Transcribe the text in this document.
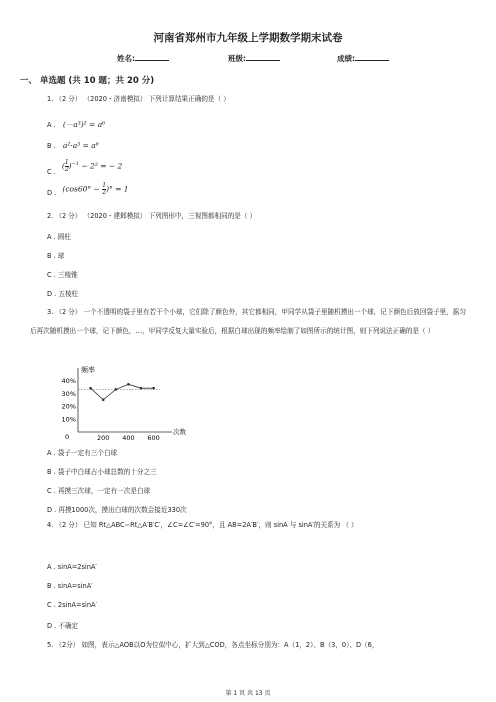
河南省郑州市九年级上学期数学期末试卷
姓名:	班级:	成绩:
一、 单选题 (共 10 题；共 20 分)
1. （2 分） （2020・济南模拟） 下列计算结果正确的是（ ）
A . (－a³)² = a⁶
B . a²·a³ = a⁶
C . $(\frac{1}{2})^{-1} - 2^2$ = − 2
D . $(\cos 60^\circ - \frac{1}{2})^\circ = 1$
2. （2 分） （2020・建邺模拟） 下列图形中，三视图都相同的是（ ）
A . 圆柱
B . 球
C . 三棱锥
D . 五棱柱
3. （2 分） 一个不透明的袋子里有若干个小球，它们除了颜色外，其它都相同，甲同学从袋子里随机摸出一个球，记下颜色后放回袋子里，摇匀后再次随机摸出一个球，记下颜色，…，甲同学反复大量实验后，根据白球出现的频率绘制了如图所示的统计图，则下列说法正确的是（ ）
频率
次数
0
10%
20%
30%
40%
200 400 600
A . 袋子一定有三个白球
B . 袋子中白球占小球总数的十分之三
C . 再摸三次球，一定有一次是白球
D . 再摸1000次，摸出白球的次数会接近330次
4. （2 分） 已知 Rt△ABC∽Rt△A′B′C′，∠C=∠C′=90°，且 AB=2A′B′，则 sinA 与 sinA′的关系为 （ ）
A . sinA=2sinA′
B . sinA=sinA′
C . 2sinA=sinA′
D . 不确定
5. （2分） 如图，表示△AOB以O为位似中心，扩大到△COD，各点坐标分别为：A（1，2）、B（3，0）、D（6，
第 1 页 共 13 页
